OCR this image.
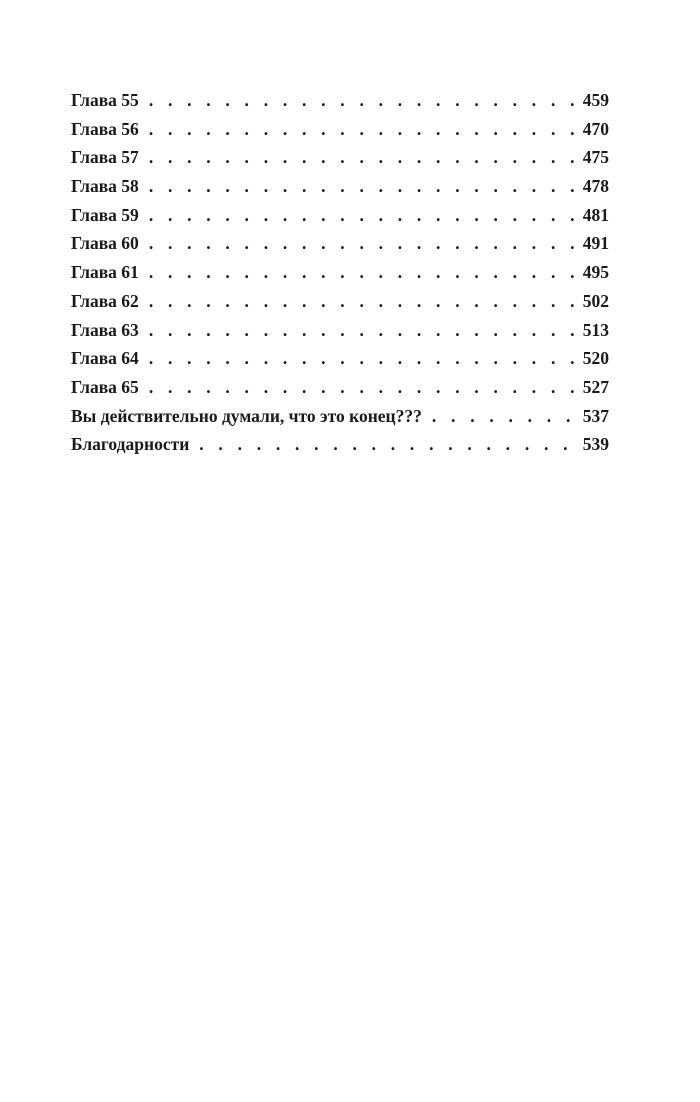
Глава 55 . . .	459
Глава 56 . . .	470
Глава 57 . . .	475
Глава 58 . . .	478
Глава 59 . . .	481
Глава 60 . . .	491
Глава 61 . . .	495
Глава 62 . . .	502
Глава 63 . . .	513
Глава 64 . . .	520
Глава 65 . . .	527
Вы действительно думали, что это конец??? . . .	537
Благодарности . . .	539
